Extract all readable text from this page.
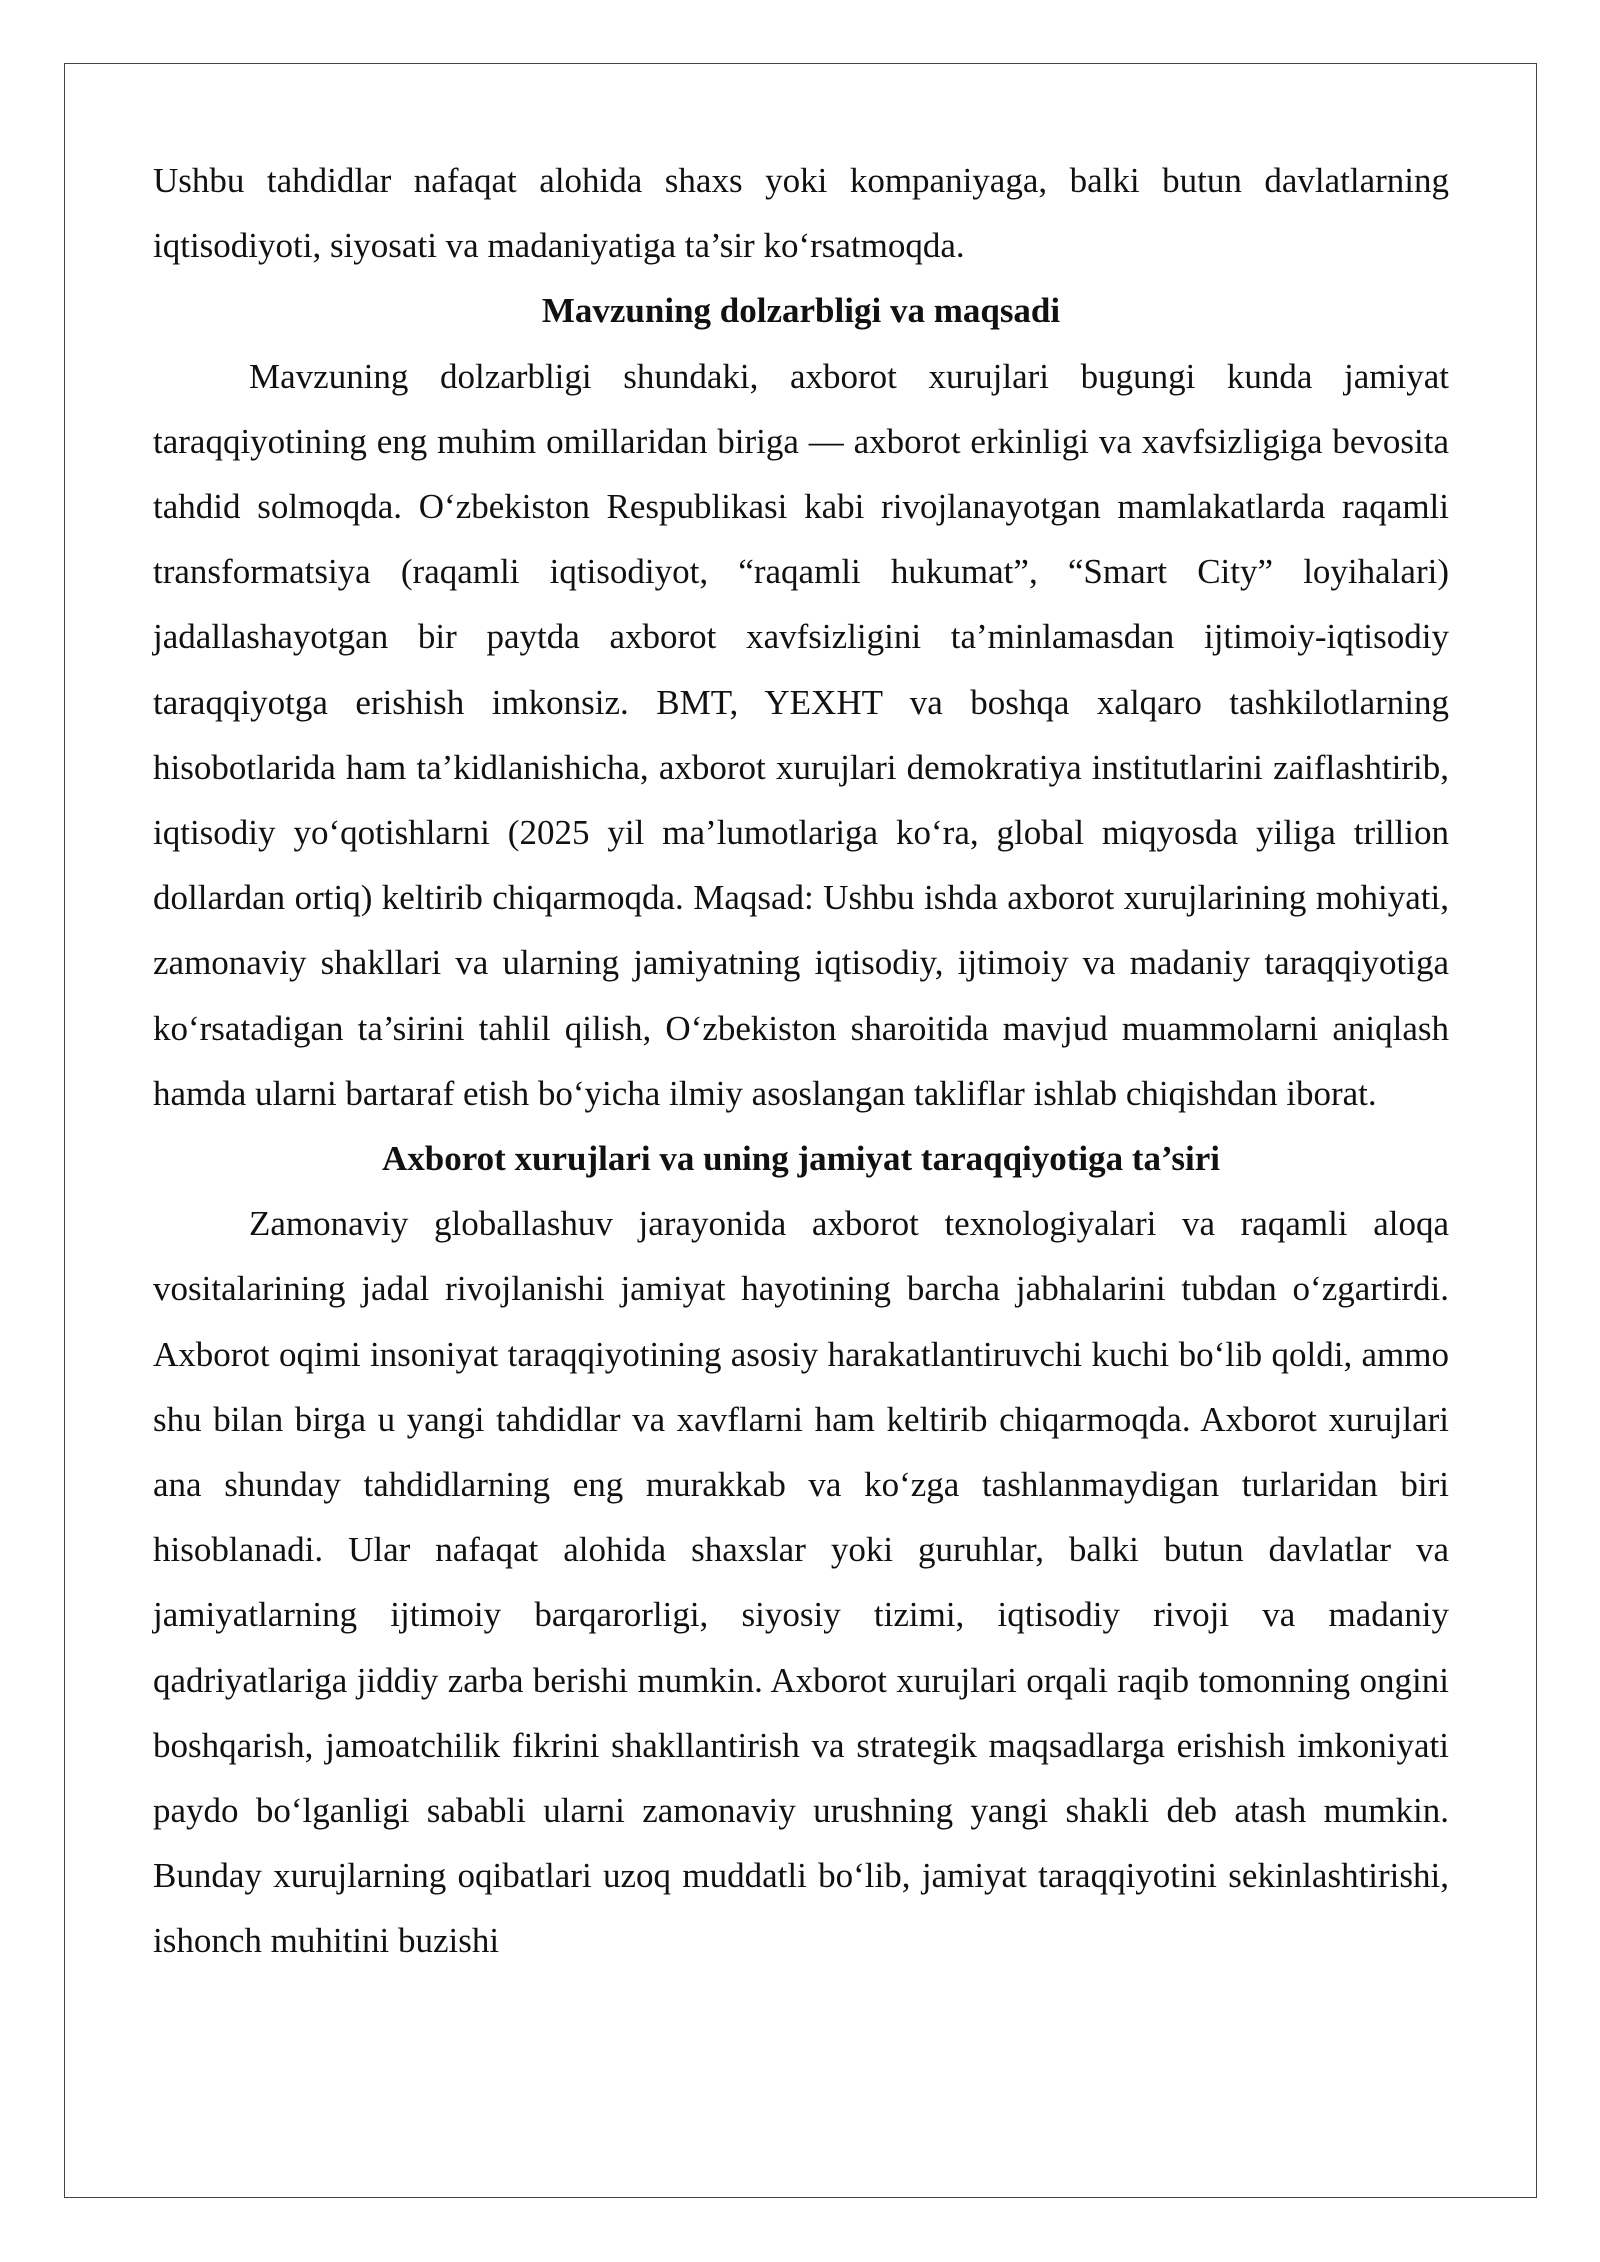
Ushbu tahdidlar nafaqat alohida shaxs yoki kompaniyaga, balki butun davlatlarning iqtisodiyoti, siyosati va madaniyatiga ta’sir ko‘rsatmoqda.

Mavzuning dolzarbligi va maqsadi

Mavzuning dolzarbligi shundaki, axborot xurujlari bugungi kunda jamiyat taraqqiyotining eng muhim omillaridan biriga — axborot erkinligi va xavfsizligiga bevosita tahdid solmoqda. O‘zbekiston Respublikasi kabi rivojlanayotgan mamlakatlarda raqamli transformatsiya (raqamli iqtisodiyot, “raqamli hukumat”, “Smart City” loyihalari) jadallashayotgan bir paytda axborot xavfsizligini ta’minlamasdan ijtimoiy-iqtisodiy taraqqiyotga erishish imkonsiz. BMT, YEXHT va boshqa xalqaro tashkilotlarning hisobotlarida ham ta’kidlanishicha, axborot xurujlari demokratiya institutlarini zaiflashtirib, iqtisodiy yo‘qotishlarni (2025 yil ma’lumotlariga ko‘ra, global miqyosda yiliga trillion dollardan ortiq) keltirib chiqarmoqda. Maqsad: Ushbu ishda axborot xurujlarining mohiyati, zamonaviy shakllari va ularning jamiyatning iqtisodiy, ijtimoiy va madaniy taraqqiyotiga ko‘rsatadigan ta’sirini tahlil qilish, O‘zbekiston sharoitida mavjud muammolarni aniqlash hamda ularni bartaraf etish bo‘yicha ilmiy asoslangan takliflar ishlab chiqishdan iborat.

Axborot xurujlari va uning jamiyat taraqqiyotiga ta’siri

Zamonaviy globallashuv jarayonida axborot texnologiyalari va raqamli aloqa vositalarining jadal rivojlanishi jamiyat hayotining barcha jabhalarini tubdan o‘zgartirdi. Axborot oqimi insoniyat taraqqiyotining asosiy harakatlantiruvchi kuchi bo‘lib qoldi, ammo shu bilan birga u yangi tahdidlar va xavflarni ham keltirib chiqarmoqda. Axborot xurujlari ana shunday tahdidlarning eng murakkab va ko‘zga tashlanmaydigan turlaridan biri hisoblanadi. Ular nafaqat alohida shaxslar yoki guruhlar, balki butun davlatlar va jamiyatlarning ijtimoiy barqarorligi, siyosiy tizimi, iqtisodiy rivoji va madaniy qadriyatlariga jiddiy zarba berishi mumkin. Axborot xurujlari orqali raqib tomonning ongini boshqarish, jamoatchilik fikrini shakllantirish va strategik maqsadlarga erishish imkoniyati paydo bo‘lganligi sababli ularni zamonaviy urushning yangi shakli deb atash mumkin. Bunday xurujlarning oqibatlari uzoq muddatli bo‘lib, jamiyat taraqqiyotini sekinlashtirishi, ishonch muhitini buzishi
